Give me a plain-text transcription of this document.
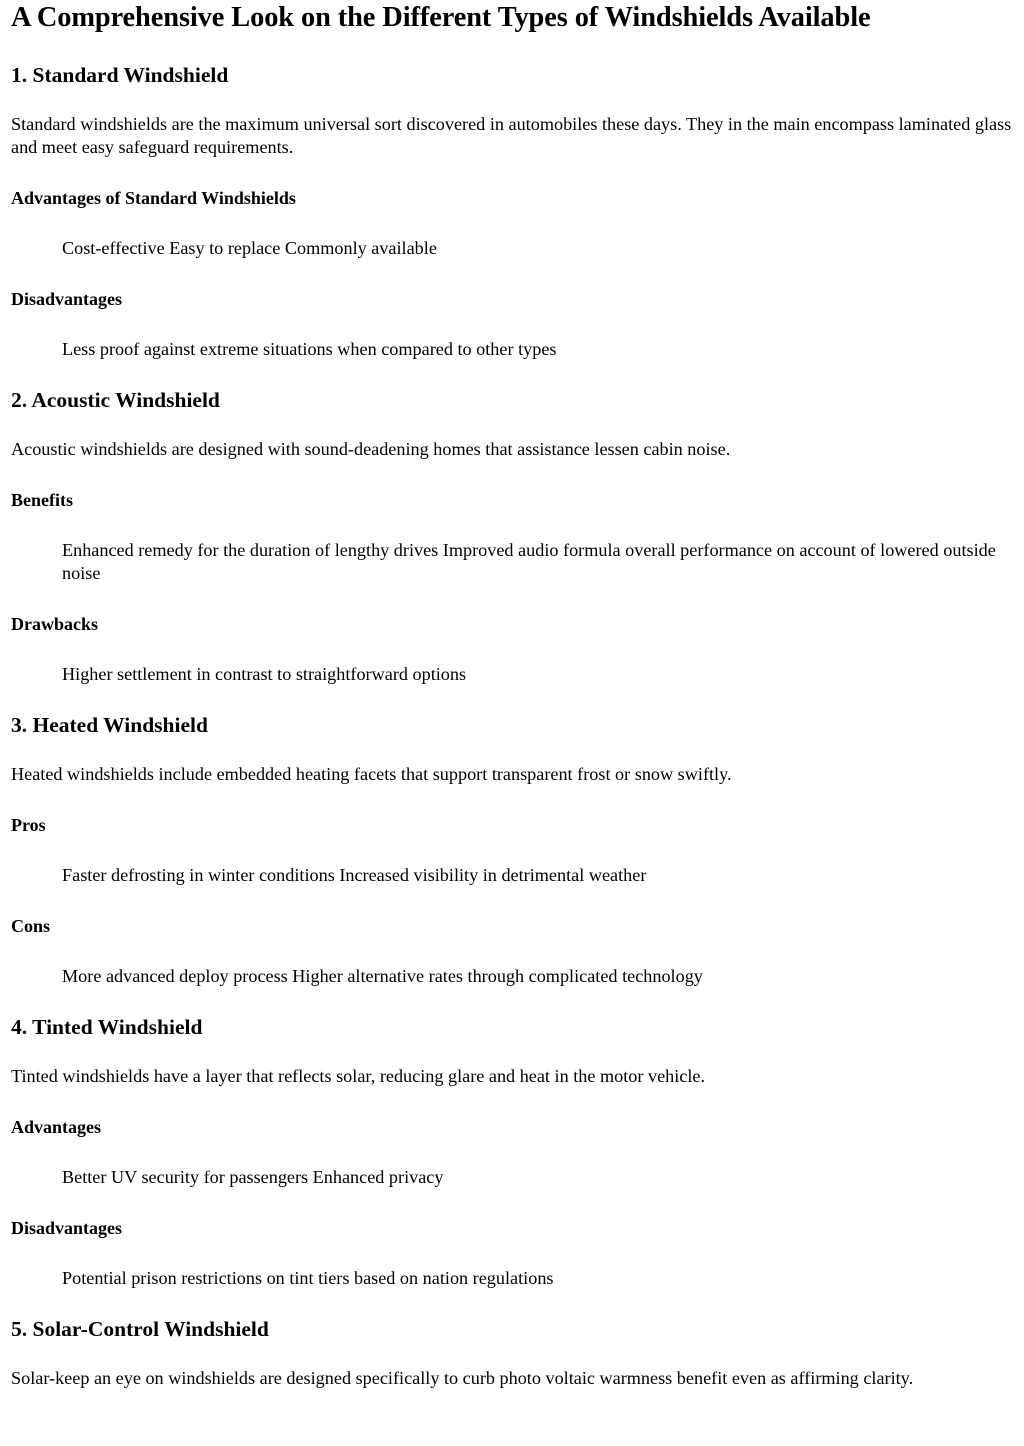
A Comprehensive Look on the Different Types of Windshields Available
1. Standard Windshield

Standard windshields are the maximum universal sort discovered in automobiles these days. They in the main encompass laminated glass and meet easy safeguard requirements.

Advantages of Standard Windshields

Cost-effective Easy to replace Commonly available

Disadvantages

Less proof against extreme situations when compared to other types

2. Acoustic Windshield

Acoustic windshields are designed with sound-deadening homes that assistance lessen cabin noise.

Benefits

Enhanced remedy for the duration of lengthy drives Improved audio formula overall performance on account of lowered outside noise

Drawbacks

Higher settlement in contrast to straightforward options

3. Heated Windshield

Heated windshields include embedded heating facets that support transparent frost or snow swiftly.

Pros

Faster defrosting in winter conditions Increased visibility in detrimental weather

Cons

More advanced deploy process Higher alternative rates through complicated technology

4. Tinted Windshield

Tinted windshields have a layer that reflects solar, reducing glare and heat in the motor vehicle.

Advantages

Better UV security for passengers Enhanced privacy

Disadvantages

Potential prison restrictions on tint tiers based on nation regulations

5. Solar-Control Windshield

Solar-keep an eye on windshields are designed specifically to curb photo voltaic warmness benefit even as affirming clarity.
